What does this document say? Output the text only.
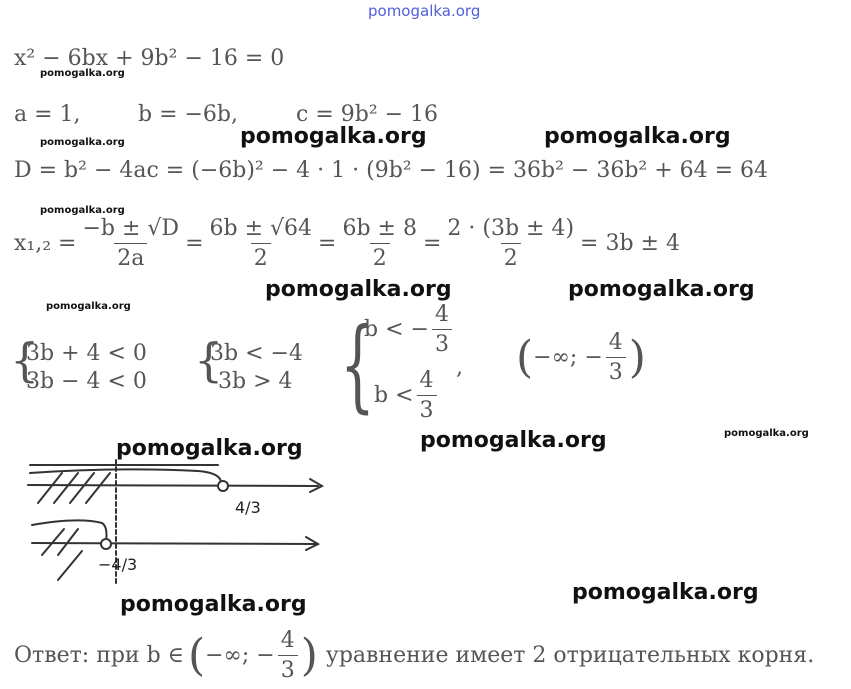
pomogalka.org
x² − 6bx + 9b² − 16 = 0
pomogalka.org
a = 1,	b = −6b,	c = 9b² − 16
pomogalka.org	pomogalka.org	pomogalka.org
D = b² − 4ac = (−6b)² − 4 · 1 · (9b² − 16) = 36b² − 36b² + 64 = 64
pomogalka.org
$x_1,_2 = \frac{-b \pm √D}{2a} = \frac{6b \pm √64}{2} = \frac{6b \pm 8}{2} = \frac{2 \cdot (3b \pm 4)}{2} = 3b \pm 4$
pomogalka.org	pomogalka.org
pomogalka.org
{
3b + 4 < 0
3b − 4 < 0 {
3b < −4
3b > 4 {
b < − $\frac{4}{3}$
,
$b < \frac{4}{3}$
( −∞; − $\frac{4}{3}$ )
pomogalka.org	pomogalka.org	pomogalka.org
4/3
−4/3
pomogalka.org	pomogalka.org
Ответ: при b ∈ ( −∞; − $\frac{4}{3}$ ) уравнение имеет 2 отрицательных корня.
